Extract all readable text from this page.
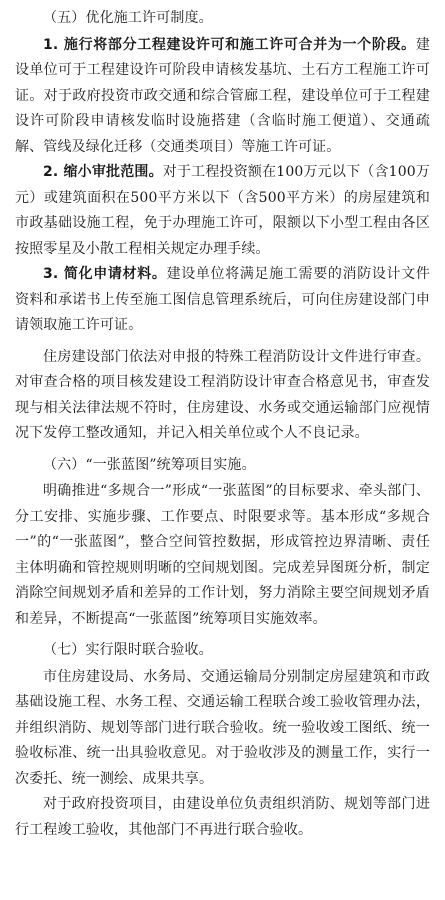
（五）优化施工许可制度。

1. 施行将部分工程建设许可和施工许可合并为一个阶段。建设单位可于工程建设许可阶段申请核发基坑、土石方工程施工许可证。对于政府投资市政交通和综合管廊工程，建设单位可于工程建设许可阶段申请核发临时设施搭建（含临时施工便道）、交通疏解、管线及绿化迁移（交通类项目）等施工许可证。

2. 缩小审批范围。对于工程投资额在100万元以下（含100万元）或建筑面积在500平方米以下（含500平方米）的房屋建筑和市政基础设施工程，免于办理施工许可，限额以下小型工程由各区按照零星及小散工程相关规定办理手续。

3. 简化申请材料。建设单位将满足施工需要的消防设计文件资料和承诺书上传至施工图信息管理系统后，可向住房建设部门申请领取施工许可证。

住房建设部门依法对申报的特殊工程消防设计文件进行审查。对审查合格的项目核发建设工程消防设计审查合格意见书，审查发现与相关法律法规不符时，住房建设、水务或交通运输部门应视情况下发停工整改通知，并记入相关单位或个人不良记录。

（六）“一张蓝图”统筹项目实施。

明确推进“多规合一”形成“一张蓝图”的目标要求、牵头部门、分工安排、实施步骤、工作要点、时限要求等。基本形成“多规合一”的“一张蓝图”，整合空间管控数据，形成管控边界清晰、责任主体明确和管控规则明晰的空间规划图。完成差异图斑分析，制定消除空间规划矛盾和差异的工作计划，努力消除主要空间规划矛盾和差异，不断提高“一张蓝图”统筹项目实施效率。

（七）实行限时联合验收。

市住房建设局、水务局、交通运输局分别制定房屋建筑和市政基础设施工程、水务工程、交通运输工程联合竣工验收管理办法，并组织消防、规划等部门进行联合验收。统一验收竣工图纸、统一验收标准、统一出具验收意见。对于验收涉及的测量工作，实行一次委托、统一测绘、成果共享。

对于政府投资项目，由建设单位负责组织消防、规划等部门进行工程竣工验收，其他部门不再进行联合验收。
